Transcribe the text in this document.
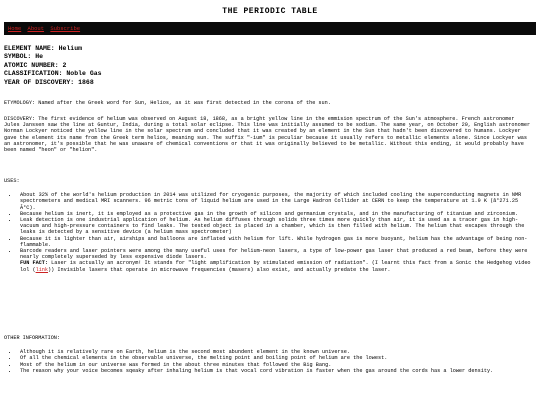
THE PERIODIC TABLE
Home About Subscribe
ELEMENT NAME: Helium
SYMBOL: He
ATOMIC NUMBER: 2
CLASSIFICATION: Noble Gas
YEAR OF DISCOVERY: 1868

ETYMOLOGY: Named after the Greek word for Sun, Helios, as it was first detected in the corona of the sun.

DISCOVERY: The first evidence of helium was observed on August 18, 1868, as a bright yellow line in the emmision spectrum of the Sun's atmosphere. French astronomer Jules Janssen saw the line at Guntur, India, during a total solar eclipse. This line was initially assumed to be sodium. The same year, on October 20, English astronomer Norman Lockyer noticed the yellow line in the solar spectrum and concluded that it was created by an element in the Sun that hadn't been discovered to humans. Lockyer gave the element its name from the Greek term helios, meaning sun. The suffix "-ium" is peculiar because it usually refers to metallic elements alone. Since Lockyer was an astronomer, it's possible that he was unaware of chemical conventions or that it was originally believed to be metallic. Without this ending, it would probably have been named "heon" or "helion".

USES:

• About 32% of the world's helium production in 2014 was utilized for cryogenic purposes, the majority of which included cooling the superconducting magnets in NMR spectrometers and medical MRI scanners. 96 metric tons of liquid helium are used in the Large Hadron Collider at CERN to keep the temperature at 1.9 K (â°271.25 Â°C).
• Because helium is inert, it is employed as a protective gas in the growth of silicon and germanium crystals, and in the manufacturing of titanium and zirconium.
• Leak detection is one industrial application of helium. As helium diffuses through solids three times more quickly than air, it is used as a tracer gas in high-vacuum and high-pressure containers to find leaks. The tested object is placed in a chamber, which is then filled with helium. The helium that escapes through the leaks is detected by a sensitive device (a helium mass spectrometer)
• Because it is lighter than air, airships and balloons are inflated with helium for lift. While hydrogen gas is more buoyant, helium has the advantage of being non-flammable.
• Barcode readers and laser pointers were among the many useful uses for helium-neon lasers, a type of low-power gas laser that produced a red beam, before they were nearly completely superseded by less expensive diode lasers.
FUN FACT: Laser is actually an acronym! It stands for "light amplification by stimulated emission of radiation". (I learnt this fact from a Sonic the Hedgehog video lol (link)) Invisible lasers that operate in microwave frequencies (masers) also exist, and actually predate the laser.

OTHER INFORMATION:

• Although it is relatively rare on Earth, helium is the second most abundent element in the known universe.
• Of all the chemical elements in the observable universe, the melting point and boiling point of helium are the lowest.
• Most of the helium in our universe was formed in the about three minutes that followed the Big Bang.
• The reason why your voice becomes sqeaky after inhaling helium is that vocal cord vibration is faster when the gas around the cords has a lower density.
